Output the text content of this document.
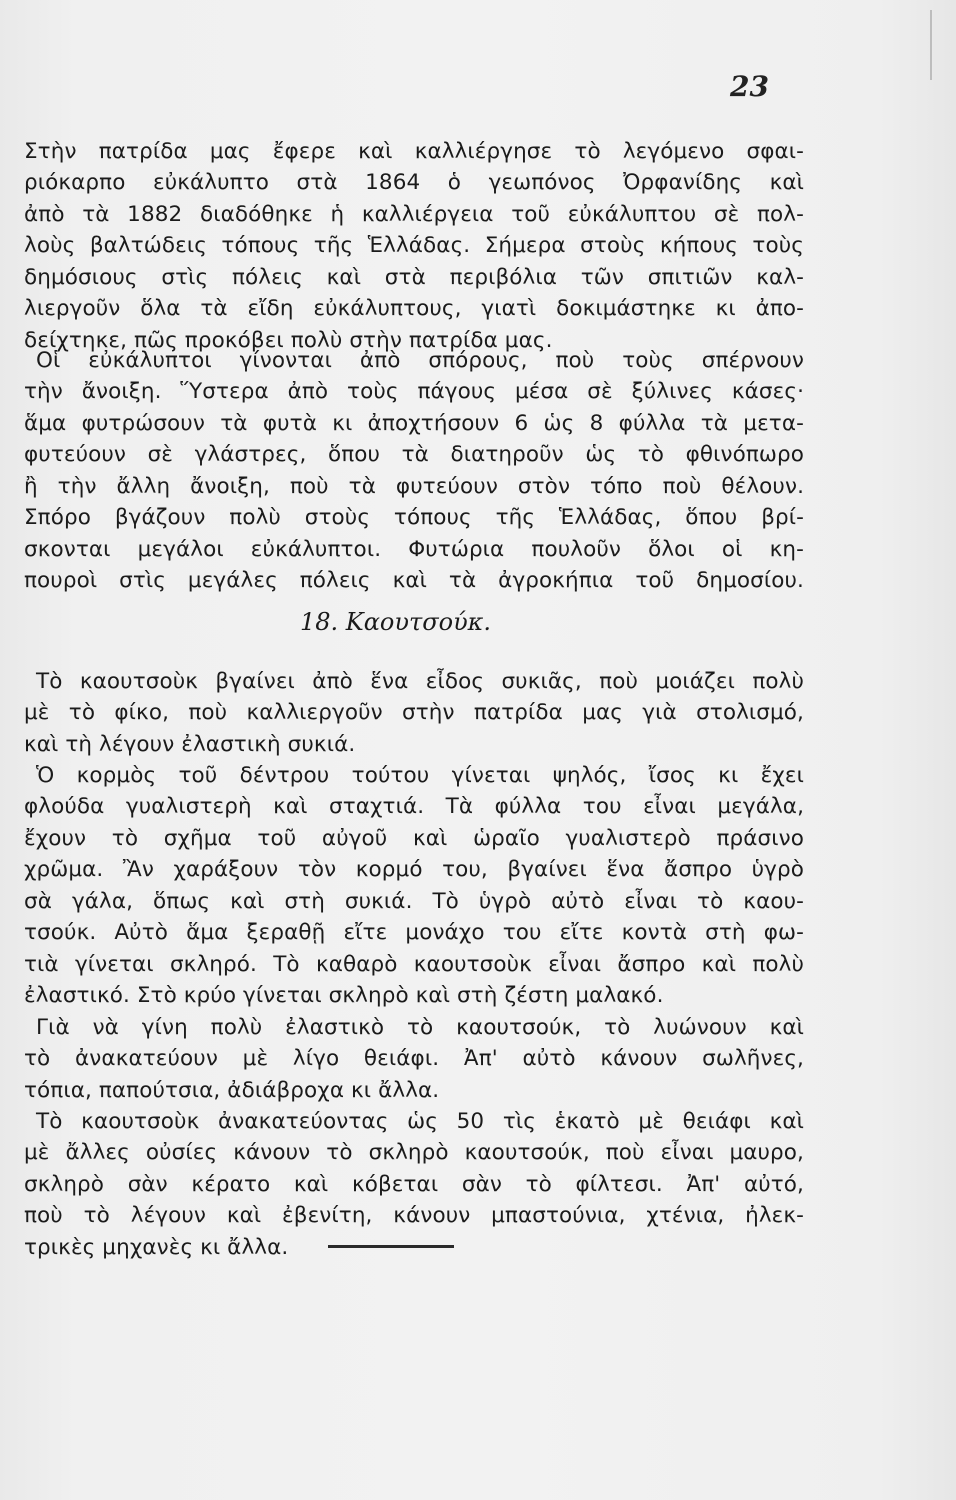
23
Στὴν πατρίδα μας ἔφερε καὶ καλλιέργησε τὸ λεγόμενο σφαι-
ριόκαρπο εὐκάλυπτο στὰ 1864 ὁ γεωπόνος Ὀρφανίδης καὶ
ἀπὸ τὰ 1882 διαδόθηκε ἡ καλλιέργεια τοῦ εὐκάλυπτου σὲ πολ-
λοὺς βαλτώδεις τόπους τῆς Ἑλλάδας. Σήμερα στοὺς κήπους τοὺς
δημόσιους στὶς πόλεις καὶ στὰ περιβόλια τῶν σπιτιῶν καλ-
λιεργοῦν ὅλα τὰ εἴδη εὐκάλυπτους, γιατὶ δοκιμάστηκε κι ἀπο-
δείχτηκε, πῶς προκόβει πολὺ στὴν πατρίδα μας.
Οἱ εὐκάλυπτοι γίνονται ἀπὸ σπόρους, ποὺ τοὺς σπέρνουν
τὴν ἄνοιξη. Ὕστερα ἀπὸ τοὺς πάγους μέσα σὲ ξύλινες κάσες·
ἅμα φυτρώσουν τὰ φυτὰ κι ἀποχτήσουν 6 ὡς 8 φύλλα τὰ μετα-
φυτεύουν σὲ γλάστρες, ὅπου τὰ διατηροῦν ὡς τὸ φθινόπωρο
ἢ τὴν ἄλλη ἄνοιξη, ποὺ τὰ φυτεύουν στὸν τόπο ποὺ θέλουν.
Σπόρο βγάζουν πολὺ στοὺς τόπους τῆς Ἑλλάδας, ὅπου βρί-
σκονται μεγάλοι εὐκάλυπτοι. Φυτώρια πουλοῦν ὅλοι οἱ κη-
πουροὶ στὶς μεγάλες πόλεις καὶ τὰ ἀγροκήπια τοῦ δημοσίου.
18. Καουτσούκ.
Τὸ καουτσοὺκ βγαίνει ἀπὸ ἕνα εἶδος συκιᾶς, ποὺ μοιάζει πολὺ
μὲ τὸ φίκο, ποὺ καλλιεργοῦν στὴν πατρίδα μας γιὰ στολισμό,
καὶ τὴ λέγουν ἐλαστικὴ συκιά.
Ὁ κορμὸς τοῦ δέντρου τούτου γίνεται ψηλός, ἴσος κι ἔχει
φλούδα γυαλιστερὴ καὶ σταχτιά. Τὰ φύλλα του εἶναι μεγάλα,
ἔχουν τὸ σχῆμα τοῦ αὐγοῦ καὶ ὡραῖο γυαλιστερὸ πράσινο
χρῶμα. Ἂν χαράξουν τὸν κορμό του, βγαίνει ἕνα ἄσπρο ὑγρὸ
σὰ γάλα, ὅπως καὶ στὴ συκιά. Τὸ ὑγρὸ αὐτὸ εἶναι τὸ καου-
τσούκ. Αὐτὸ ἅμα ξεραθῇ εἴτε μονάχο του εἴτε κοντὰ στὴ φω-
τιὰ γίνεται σκληρό. Τὸ καθαρὸ καουτσοὺκ εἶναι ἄσπρο καὶ πολὺ
ἐλαστικό. Στὸ κρύο γίνεται σκληρὸ καὶ στὴ ζέστη μαλακό.
Γιὰ νὰ γίνη πολὺ ἐλαστικὸ τὸ καουτσούκ, τὸ λυώνουν καὶ
τὸ ἀνακατεύουν μὲ λίγο θειάφι. Ἀπ' αὐτὸ κάνουν σωλῆνες,
τόπια, παπούτσια, ἀδιάβροχα κι ἄλλα.
Τὸ καουτσοὺκ ἀνακατεύοντας ὡς 50 τὶς ἑκατὸ μὲ θειάφι καὶ
μὲ ἄλλες οὐσίες κάνουν τὸ σκληρὸ καουτσούκ, ποὺ εἶναι μαυρο,
σκληρὸ σὰν κέρατο καὶ κόβεται σὰν τὸ φίλτεσι. Ἀπ' αὐτό,
ποὺ τὸ λέγουν καὶ ἐβενίτη, κάνουν μπαστούνια, χτένια, ἠλεκ-
τρικὲς μηχανὲς κι ἄλλα.
